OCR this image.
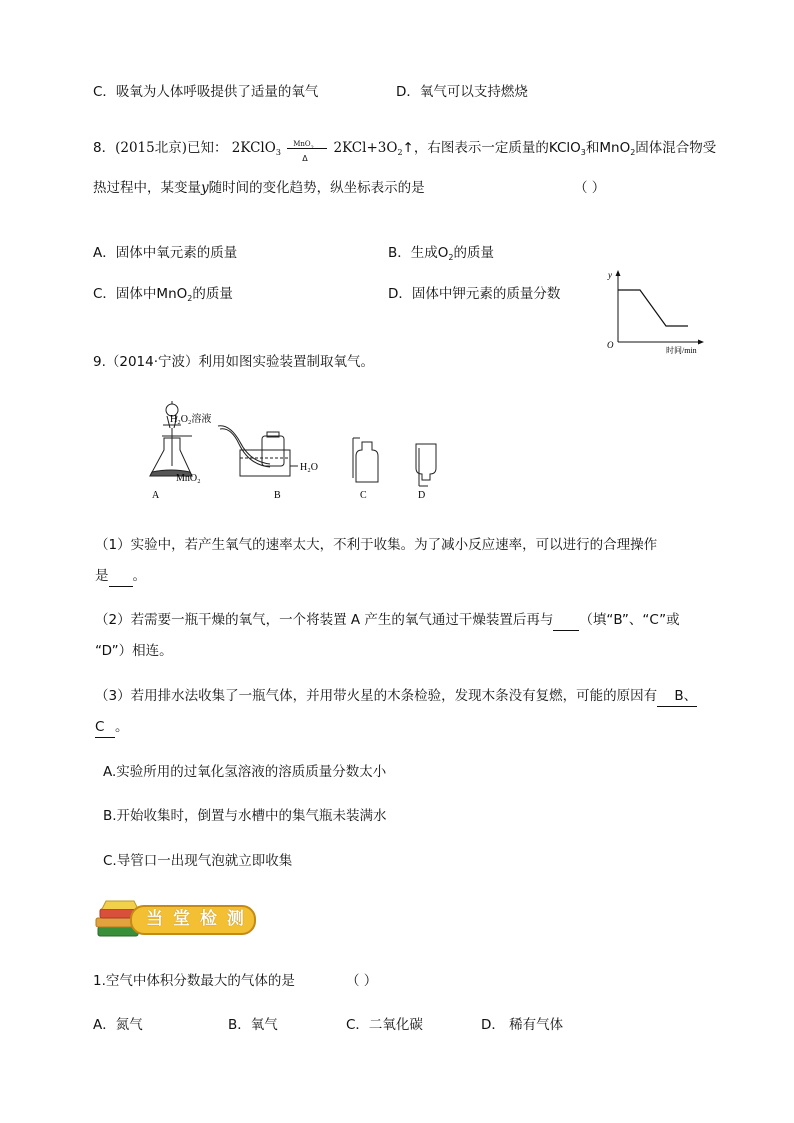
C．吸氧为人体呼吸提供了适量的氧气	D．氧气可以支持燃烧
8．(2015北京)已知： 2KClO$_3$
MnO$_2$
Δ
$2KCl+3O_2↑$，右图表示一定质量的KClO$_3$和MnO$_2$固体混合物受
热过程中，某变量y随时间的变化趋势，纵坐标表示的是	（ ）
A．固体中氧元素的质量	B．生成$O_2$的质量
C．固体中MnO$_2$的质量	D．固体中钾元素的质量分数
y
O
时间/min
9.（2014·宁波）利用如图实验装置制取氧气。
H₂O₂溶液
MnO₂
A
H₂O
B	C	D
（1）实验中，若产生氧气的速率太大，不利于收集。为了减小反应速率，可以进行的合理操作
是 。
（2）若需要一瓶干燥的氧气，一个将装置 A 产生的氧气通过干燥装置后再与 （填“B”、“C”或
“D”）相连。
（3）若用排水法收集了一瓶气体，并用带火星的木条检验，发现木条没有复燃，可能的原因有 B、
C 。
A.实验所用的过氧化氢溶液的溶质质量分数太小
B.开始收集时，倒置与水槽中的集气瓶未装满水
C.导管口一出现气泡就立即收集
当 堂 检 测
1.空气中体积分数最大的气体的是	（ ）
A．氮气	B．氧气	C．二氧化碳	D． 稀有气体
